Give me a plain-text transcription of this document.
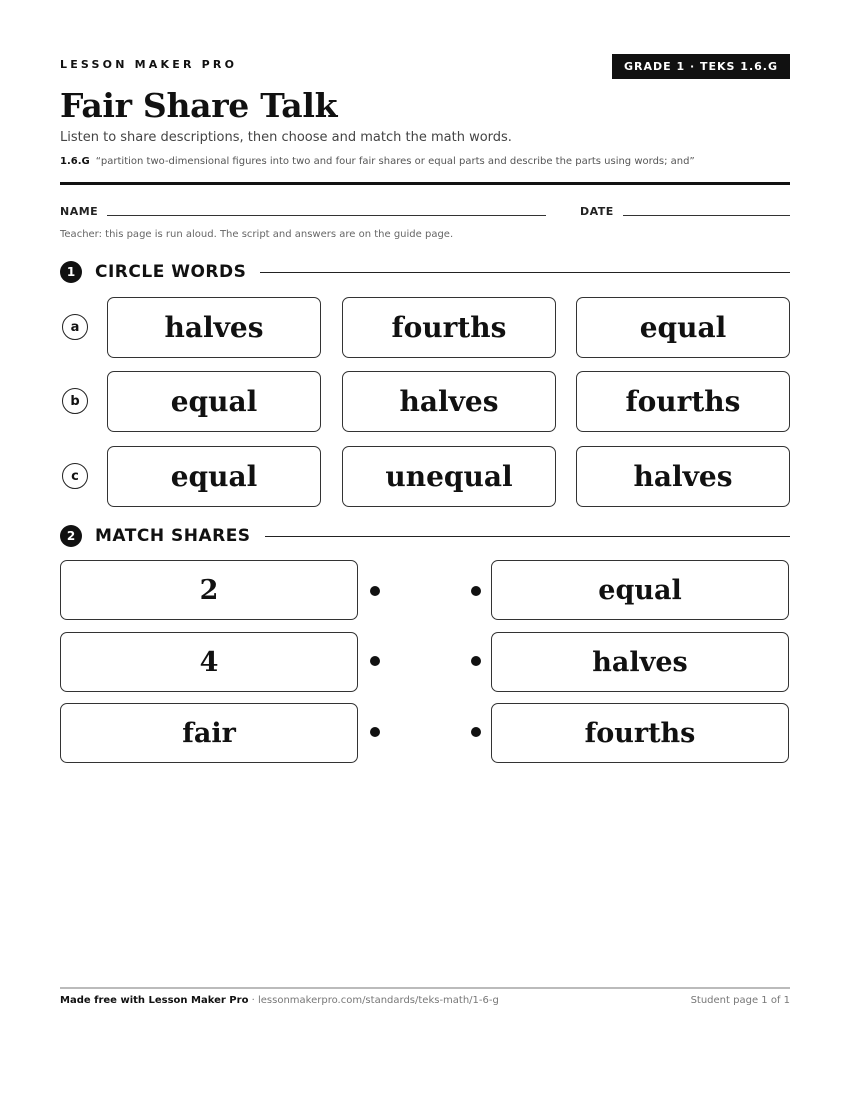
LESSON MAKER PRO	GRADE 1 · TEKS 1.6.G
Fair Share Talk
Listen to share descriptions, then choose and match the math words.
1.6.G “partition two-dimensional figures into two and four fair shares or equal parts and describe the parts using words; and”
NAME	DATE
Teacher: this page is run aloud. The script and answers are on the guide page.
1	CIRCLE WORDS
a	halves	fourths	equal
b	equal	halves	fourths
c	equal	unequal	halves
2	MATCH SHARES
2	equal
4	halves
fair	fourths
Made free with Lesson Maker Pro · lessonmakerpro.com/standards/teks-math/1-6-g	Student page 1 of 1
